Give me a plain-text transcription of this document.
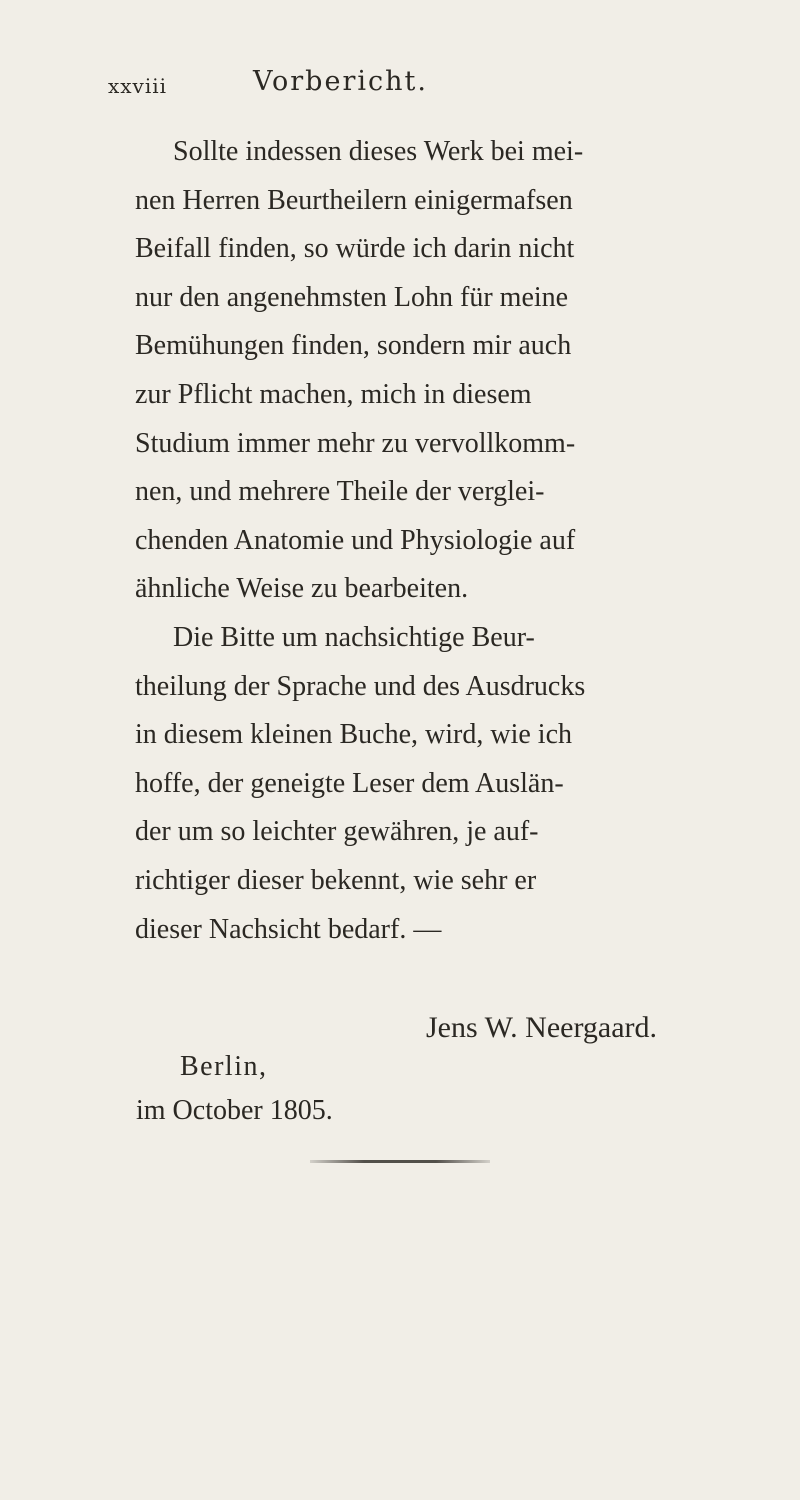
xxviii	Vorbericht.
Sollte indessen dieses Werk bei mei-
nen Herren Beurtheilern einigermafsen
Beifall finden, so würde ich darin nicht
nur den angenehmsten Lohn für meine
Bemühungen finden, sondern mir auch
zur Pflicht machen, mich in diesem
Studium immer mehr zu vervollkomm-
nen, und mehrere Theile der verglei-
chenden Anatomie und Physiologie auf
ähnliche Weise zu bearbeiten.
Die Bitte um nachsichtige Beur-
theilung der Sprache und des Ausdrucks
in diesem kleinen Buche, wird, wie ich
hoffe, der geneigte Leser dem Auslän-
der um so leichter gewähren, je auf-
richtiger dieser bekennt, wie sehr er
dieser Nachsicht bedarf. —
Jens W. Neergaard.
Berlin,
im October 1805.
